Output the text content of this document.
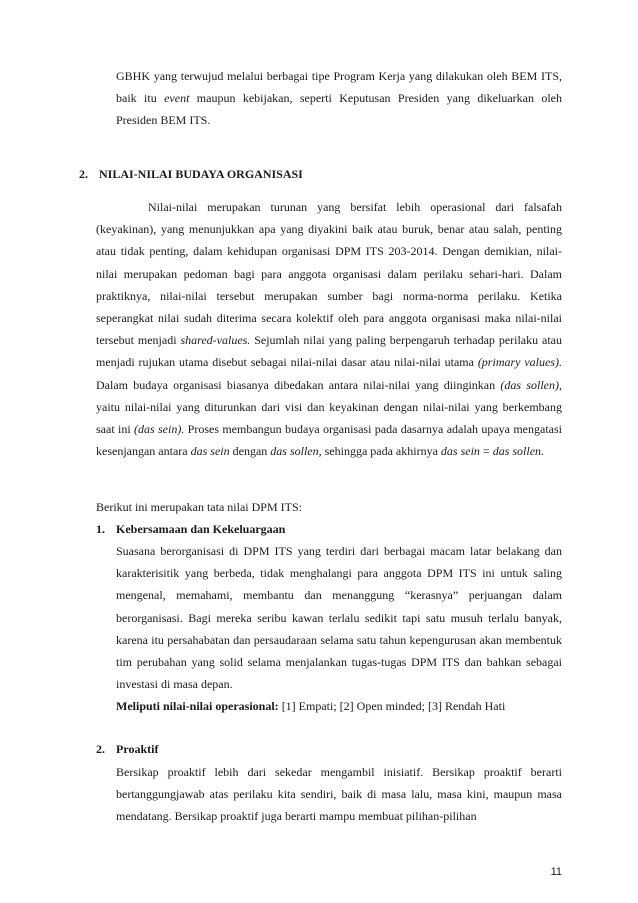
GBHK yang terwujud melalui berbagai tipe Program Kerja yang dilakukan oleh BEM ITS, baik itu event maupun kebijakan, seperti Keputusan Presiden yang dikeluarkan oleh Presiden BEM ITS.

2. NILAI-NILAI BUDAYA ORGANISASI

Nilai-nilai merupakan turunan yang bersifat lebih operasional dari falsafah (keyakinan), yang menunjukkan apa yang diyakini baik atau buruk, benar atau salah, penting atau tidak penting, dalam kehidupan organisasi DPM ITS 203-2014. Dengan demikian, nilai-nilai merupakan pedoman bagi para anggota organisasi dalam perilaku sehari-hari. Dalam praktiknya, nilai-nilai tersebut merupakan sumber bagi norma-norma perilaku. Ketika seperangkat nilai sudah diterima secara kolektif oleh para anggota organisasi maka nilai-nilai tersebut menjadi shared-values. Sejumlah nilai yang paling berpengaruh terhadap perilaku atau menjadi rujukan utama disebut sebagai nilai-nilai dasar atau nilai-nilai utama (primary values). Dalam budaya organisasi biasanya dibedakan antara nilai-nilai yang diinginkan (das sollen), yaitu nilai-nilai yang diturunkan dari visi dan keyakinan dengan nilai-nilai yang berkembang saat ini (das sein). Proses membangun budaya organisasi pada dasarnya adalah upaya mengatasi kesenjangan antara das sein dengan das sollen, sehingga pada akhirnya das sein = das sollen.

Berikut ini merupakan tata nilai DPM ITS:

1. Kebersamaan dan Kekeluargaan

Suasana berorganisasi di DPM ITS yang terdiri dari berbagai macam latar belakang dan karakterisitik yang berbeda, tidak menghalangi para anggota DPM ITS ini untuk saling mengenal, memahami, membantu dan menanggung “kerasnya” perjuangan dalam berorganisasi. Bagi mereka seribu kawan terlalu sedikit tapi satu musuh terlalu banyak, karena itu persahabatan dan persaudaraan selama satu tahun kepengurusan akan membentuk tim perubahan yang solid selama menjalankan tugas-tugas DPM ITS dan bahkan sebagai investasi di masa depan.

Meliputi nilai-nilai operasional: [1] Empati; [2] Open minded; [3] Rendah Hati

2. Proaktif

Bersikap proaktif lebih dari sekedar mengambil inisiatif. Bersikap proaktif berarti bertanggungjawab atas perilaku kita sendiri, baik di masa lalu, masa kini, maupun masa mendatang. Bersikap proaktif juga berarti mampu membuat pilihan-pilihan

11
